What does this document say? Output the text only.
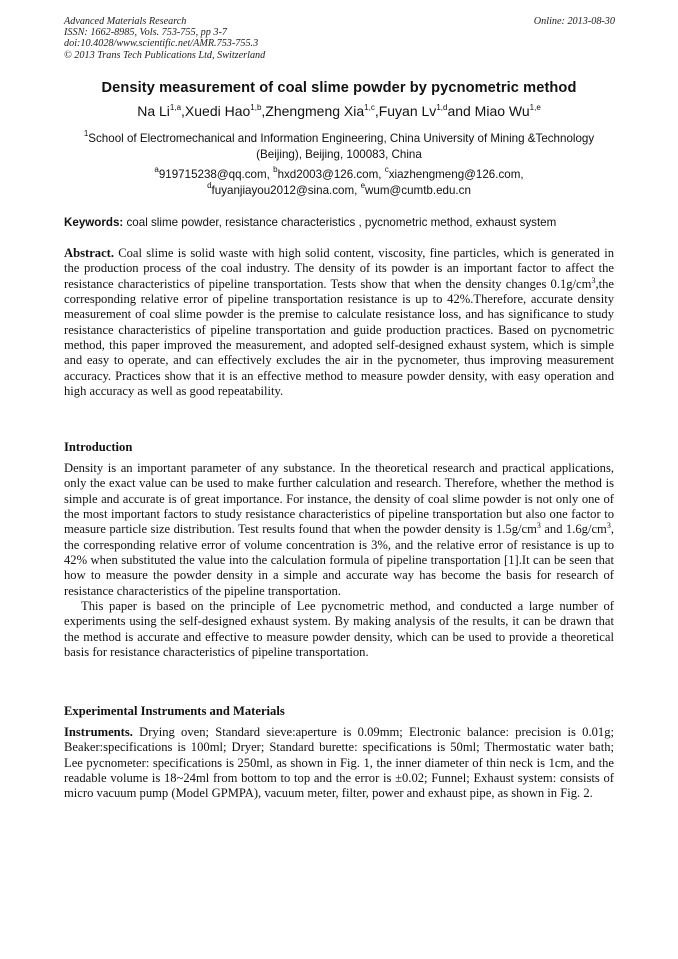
Advanced Materials Research
ISSN: 1662-8985, Vols. 753-755, pp 3-7
doi:10.4028/www.scientific.net/AMR.753-755.3
© 2013 Trans Tech Publications Ltd, Switzerland
Online: 2013-08-30
Density measurement of coal slime powder by pycnometric method
Na Li$^{1,a}$,Xuedi Hao$^{1,b}$,Zhengmeng Xia$^{1,c}$,Fuyan Lv$^{1,d}$and Miao Wu$^{1,e}$
$^1$School of Electromechanical and Information Engineering, China University of Mining &Technology (Beijing), Beijing, 100083, China
$^a$919715238@qq.com, $^b$hxd2003@126.com, $^c$xiazhengmeng@126.com,
$^d$fuyanjiayou2012@sina.com, $^e$wum@cumtb.edu.cn
Keywords: coal slime powder, resistance characteristics , pycnometric method, exhaust system

Abstract. Coal slime is solid waste with high solid content, viscosity, fine particles, which is generated in the production process of the coal industry. The density of its powder is an important factor to affect the resistance characteristics of pipeline transportation. Tests show that when the density changes $0.1g/cm^3,the$ corresponding relative error of pipeline transportation resistance is up to 42%.Therefore, accurate density measurement of coal slime powder is the premise to calculate resistance loss, and has significance to study resistance characteristics of pipeline transportation and guide production practices. Based on pycnometric method, this paper improved the measurement, and adopted self-designed exhaust system, which is simple and easy to operate, and can effectively excludes the air in the pycnometer, thus improving measurement accuracy. Practices show that it is an effective method to measure powder density, with easy operation and high accuracy as well as good repeatability.

Introduction

Density is an important parameter of any substance. In the theoretical research and practical applications, only the exact value can be used to make further calculation and research. Therefore, whether the method is simple and accurate is of great importance. For instance, the density of coal slime powder is not only one of the most important factors to study resistance characteristics of pipeline transportation but also one factor to measure particle size distribution. Test results found that when the powder density is $1.5g/cm^3$ and $1.6g/cm^3$, the corresponding relative error of volume concentration is 3%, and the relative error of resistance is up to 42% when substituted the value into the calculation formula of pipeline transportation [1].It can be seen that how to measure the powder density in a simple and accurate way has become the basis for research of resistance characteristics of the pipeline transportation.

This paper is based on the principle of Lee pycnometric method, and conducted a large number of experiments using the self-designed exhaust system. By making analysis of the results, it can be drawn that the method is accurate and effective to measure powder density, which can be used to provide a theoretical basis for resistance characteristics of pipeline transportation.

Experimental Instruments and Materials

Instruments. Drying oven; Standard sieve:aperture is 0.09mm; Electronic balance: precision is 0.01g; Beaker:specifications is 100ml; Dryer; Standard burette: specifications is 50ml; Thermostatic water bath; Lee pycnometer: specifications is 250ml, as shown in Fig. 1, the inner diameter of thin neck is 1cm, and the readable volume is 18~24ml from bottom to top and the error is ±0.02; Funnel; Exhaust system: consists of micro vacuum pump (Model GPMPA), vacuum meter, filter, power and exhaust pipe, as shown in Fig. 2.
